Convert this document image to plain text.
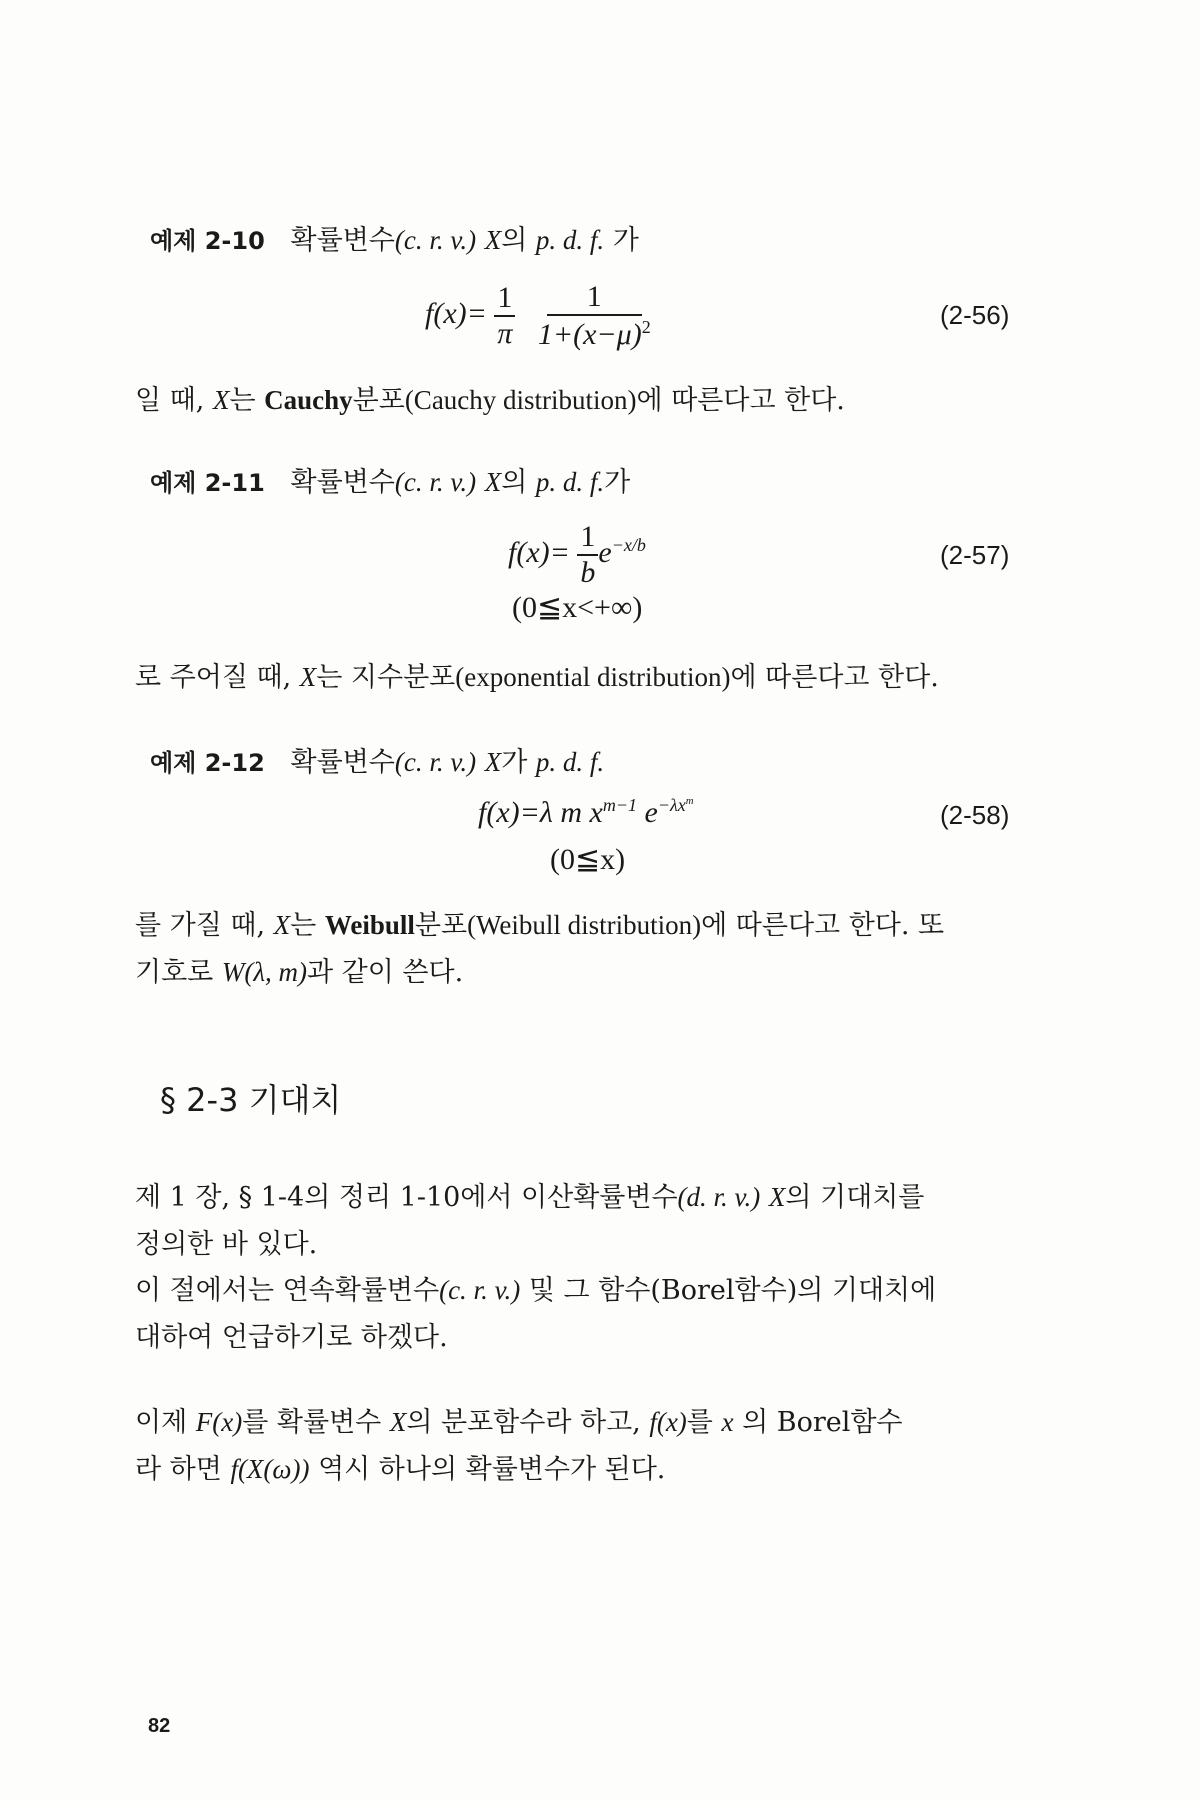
예제 2-10 확률변수(c. r. v.) X의 p. d. f. 가
$f(x)= \frac{1}{\pi}$
$\frac{1}{1+(x-\mu)^2}$	(2-56)
일 때, X는 Cauchy분포(Cauchy distribution)에 따른다고 한다.
예제 2-11 확률변수(c. r. v.) X의 p. d. f.가
$f(x)= \frac{1}{b} e^{-x/b}$	(2-57)
(0≦x<+∞)
로 주어질 때, X는 지수분포(exponential distribution)에 따른다고 한다.
예제 2-12 확률변수(c. r. v.) X가 p. d. f.
f(x)=λ m $x^{m-1}$ $e^{-\lambda x^m}$	(2-58)
(0≦x)
를 가질 때, X는 Weibull분포(Weibull distribution)에 따른다고 한다. 또
기호로 W(λ, m)과 같이 쓴다.
§ 2-3 기대치
제 1 장, § 1-4의 정리 1-10에서 이산확률변수(d. r. v.) X의 기대치를
정의한 바 있다.
이 절에서는 연속확률변수(c. r. v.) 및 그 함수(Borel함수)의 기대치에
대하여 언급하기로 하겠다.
이제 F(x)를 확률변수 X의 분포함수라 하고, f(x)를 x 의 Borel함수
라 하면 f(X(ω)) 역시 하나의 확률변수가 된다.
82
